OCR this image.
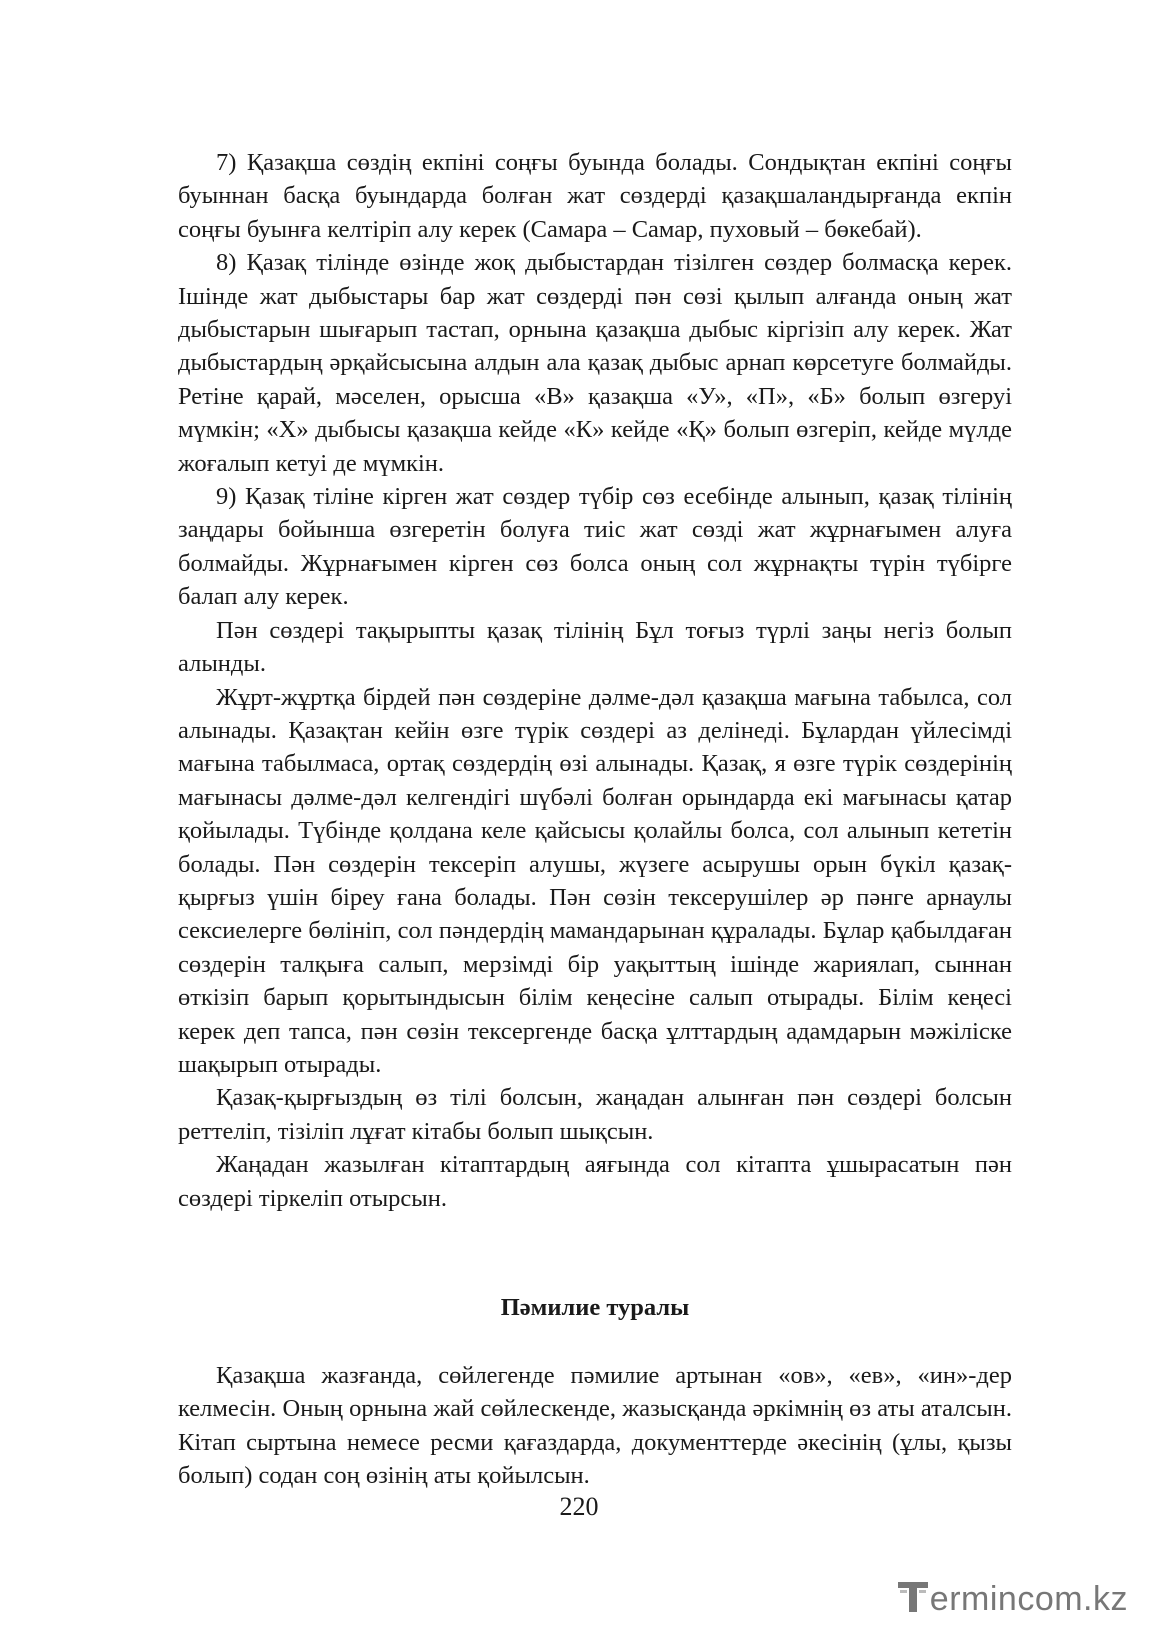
7) Қазақша сөздің екпіні соңғы буында болады. Сондықтан екпіні соңғы буыннан басқа буындарда болған жат сөздерді қазақшаландырғанда екпін соңғы буынға келтіріп алу керек (Самара – Самар, пуховый – бөкебай).

8) Қазақ тілінде өзінде жоқ дыбыстардан тізілген сөздер болмасқа керек. Ішінде жат дыбыстары бар жат сөздерді пән сөзі қылып алғанда оның жат дыбыстарын шығарып тастап, орнына қазақша дыбыс кіргізіп алу керек. Жат дыбыстардың әрқайсысына алдын ала қазақ дыбыс арнап көрсетуге болмайды. Ретіне қарай, мәселен, орысша «В» қазақша «У», «П», «Б» болып өзгеруі мүмкін; «Х» дыбысы қазақша кейде «К» кейде «Қ» болып өзгеріп, кейде мүлде жоғалып кетуі де мүмкін.

9) Қазақ тіліне кірген жат сөздер түбір сөз есебінде алынып, қазақ тілінің заңдары бойынша өзгеретін болуға тиіс жат сөзді жат жұрнағымен алуға болмайды. Жұрнағымен кірген сөз болса оның сол жұрнақты түрін түбірге балап алу керек.

Пән сөздері тақырыпты қазақ тілінің Бұл тоғыз түрлі заңы негіз болып алынды.

Жұрт-жұртқа бірдей пән сөздеріне дәлме-дәл қазақша мағына табылса, сол алынады. Қазақтан кейін өзге түрік сөздері аз делінеді. Бұлардан үйлесімді мағына табылмаса, ортақ сөздердің өзі алынады. Қазақ, я өзге түрік сөздерінің мағынасы дәлме-дәл келгендігі шүбәлі болған орындарда екі мағынасы қатар қойылады. Түбінде қолдана келе қайсысы қолайлы болса, сол алынып кететін болады. Пән сөздерін тексеріп алушы, жүзеге асырушы орын бүкіл қазақ-қырғыз үшін біреу ғана болады. Пән сөзін тексерушілер әр пәнге арнаулы сексиелерге бөлініп, сол пәндердің мамандарынан құралады. Бұлар қабылдаған сөздерін талқыға салып, мерзімді бір уақыттың ішінде жариялап, сыннан өткізіп барып қорытындысын білім кеңесіне салып отырады. Білім кеңесі керек деп тапса, пән сөзін тексергенде басқа ұлттардың адамдарын мәжіліске шақырып отырады.

Қазақ-қырғыздың өз тілі болсын, жаңадан алынған пән сөздері болсын реттеліп, тізіліп лұғат кітабы болып шықсын.

Жаңадан жазылған кітаптардың аяғында сол кітапта ұшырасатын пән сөздері тіркеліп отырсын.

Пәмилие туралы

Қазақша жазғанда, сөйлегенде пәмилие артынан «ов», «ев», «ин»-дер келмесін. Оның орнына жай сөйлескенде, жазысқанда әркімнің өз аты аталсын. Кітап сыртына немесе ресми қағаздарда, документтерде әкесінің (ұлы, қызы болып) содан соң өзінің аты қойылсын.

220
ermincom.kz
